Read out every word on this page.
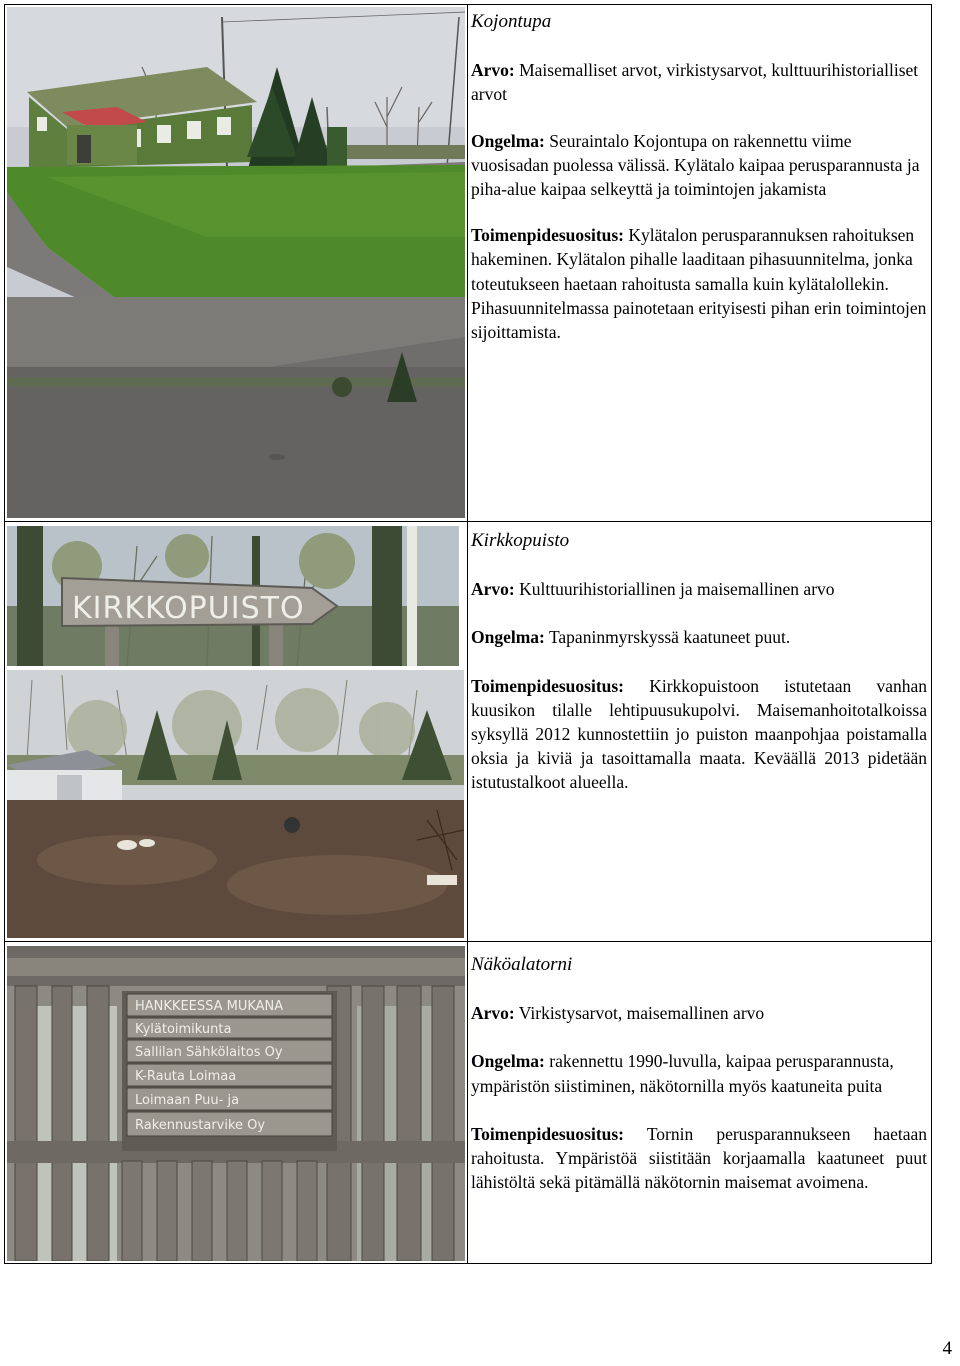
Kojontupa

Arvo: Maisemalliset arvot, virkistysarvot, kulttuurihistorialliset arvot

Ongelma: Seuraintalo Kojontupa on rakennettu viime vuosisadan puolessa välissä. Kylätalo kaipaa perusparannusta ja piha-alue kaipaa selkeyttä ja toimintojen jakamista

Toimenpidesuositus: Kylätalon perusparannuksen rahoituksen hakeminen. Kylätalon pihalle laaditaan pihasuunnitelma, jonka toteutukseen haetaan rahoitusta samalla kuin kylätalollekin. Pihasuunnitelmassa painotetaan erityisesti pihan erin toimintojen sijoittamista.

KIRKKOPUISTO

Kirkkopuisto

Arvo: Kulttuurihistoriallinen ja maisemallinen arvo

Ongelma: Tapaninmyrskyssä kaatuneet puut.

Toimenpidesuositus: Kirkkopuistoon istutetaan vanhan kuusikon tilalle lehtipuusukupolvi. Maisemanhoitotalkoissa syksyllä 2012 kunnostettiin jo puiston maanpohjaa poistamalla oksia ja kiviä ja tasoittamalla maata. Keväällä 2013 pidetään istutustalkoot alueella.

HANKKEESSA MUKANA
Kylätoimikunta
Sallilan Sähkölaitos Oy
K-Rauta Loimaa
Loimaan Puu- ja
Rakennustarvike Oy

Näköalatorni

Arvo: Virkistysarvot, maisemallinen arvo

Ongelma: rakennettu 1990-luvulla, kaipaa perusparannusta, ympäristön siistiminen, näkötornilla myös kaatuneita puita

Toimenpidesuositus: Tornin perusparannukseen haetaan rahoitusta. Ympäristöä siistitään korjaamalla kaatuneet puut lähistöltä sekä pitämällä näkötornin maisemat avoimena.

4
